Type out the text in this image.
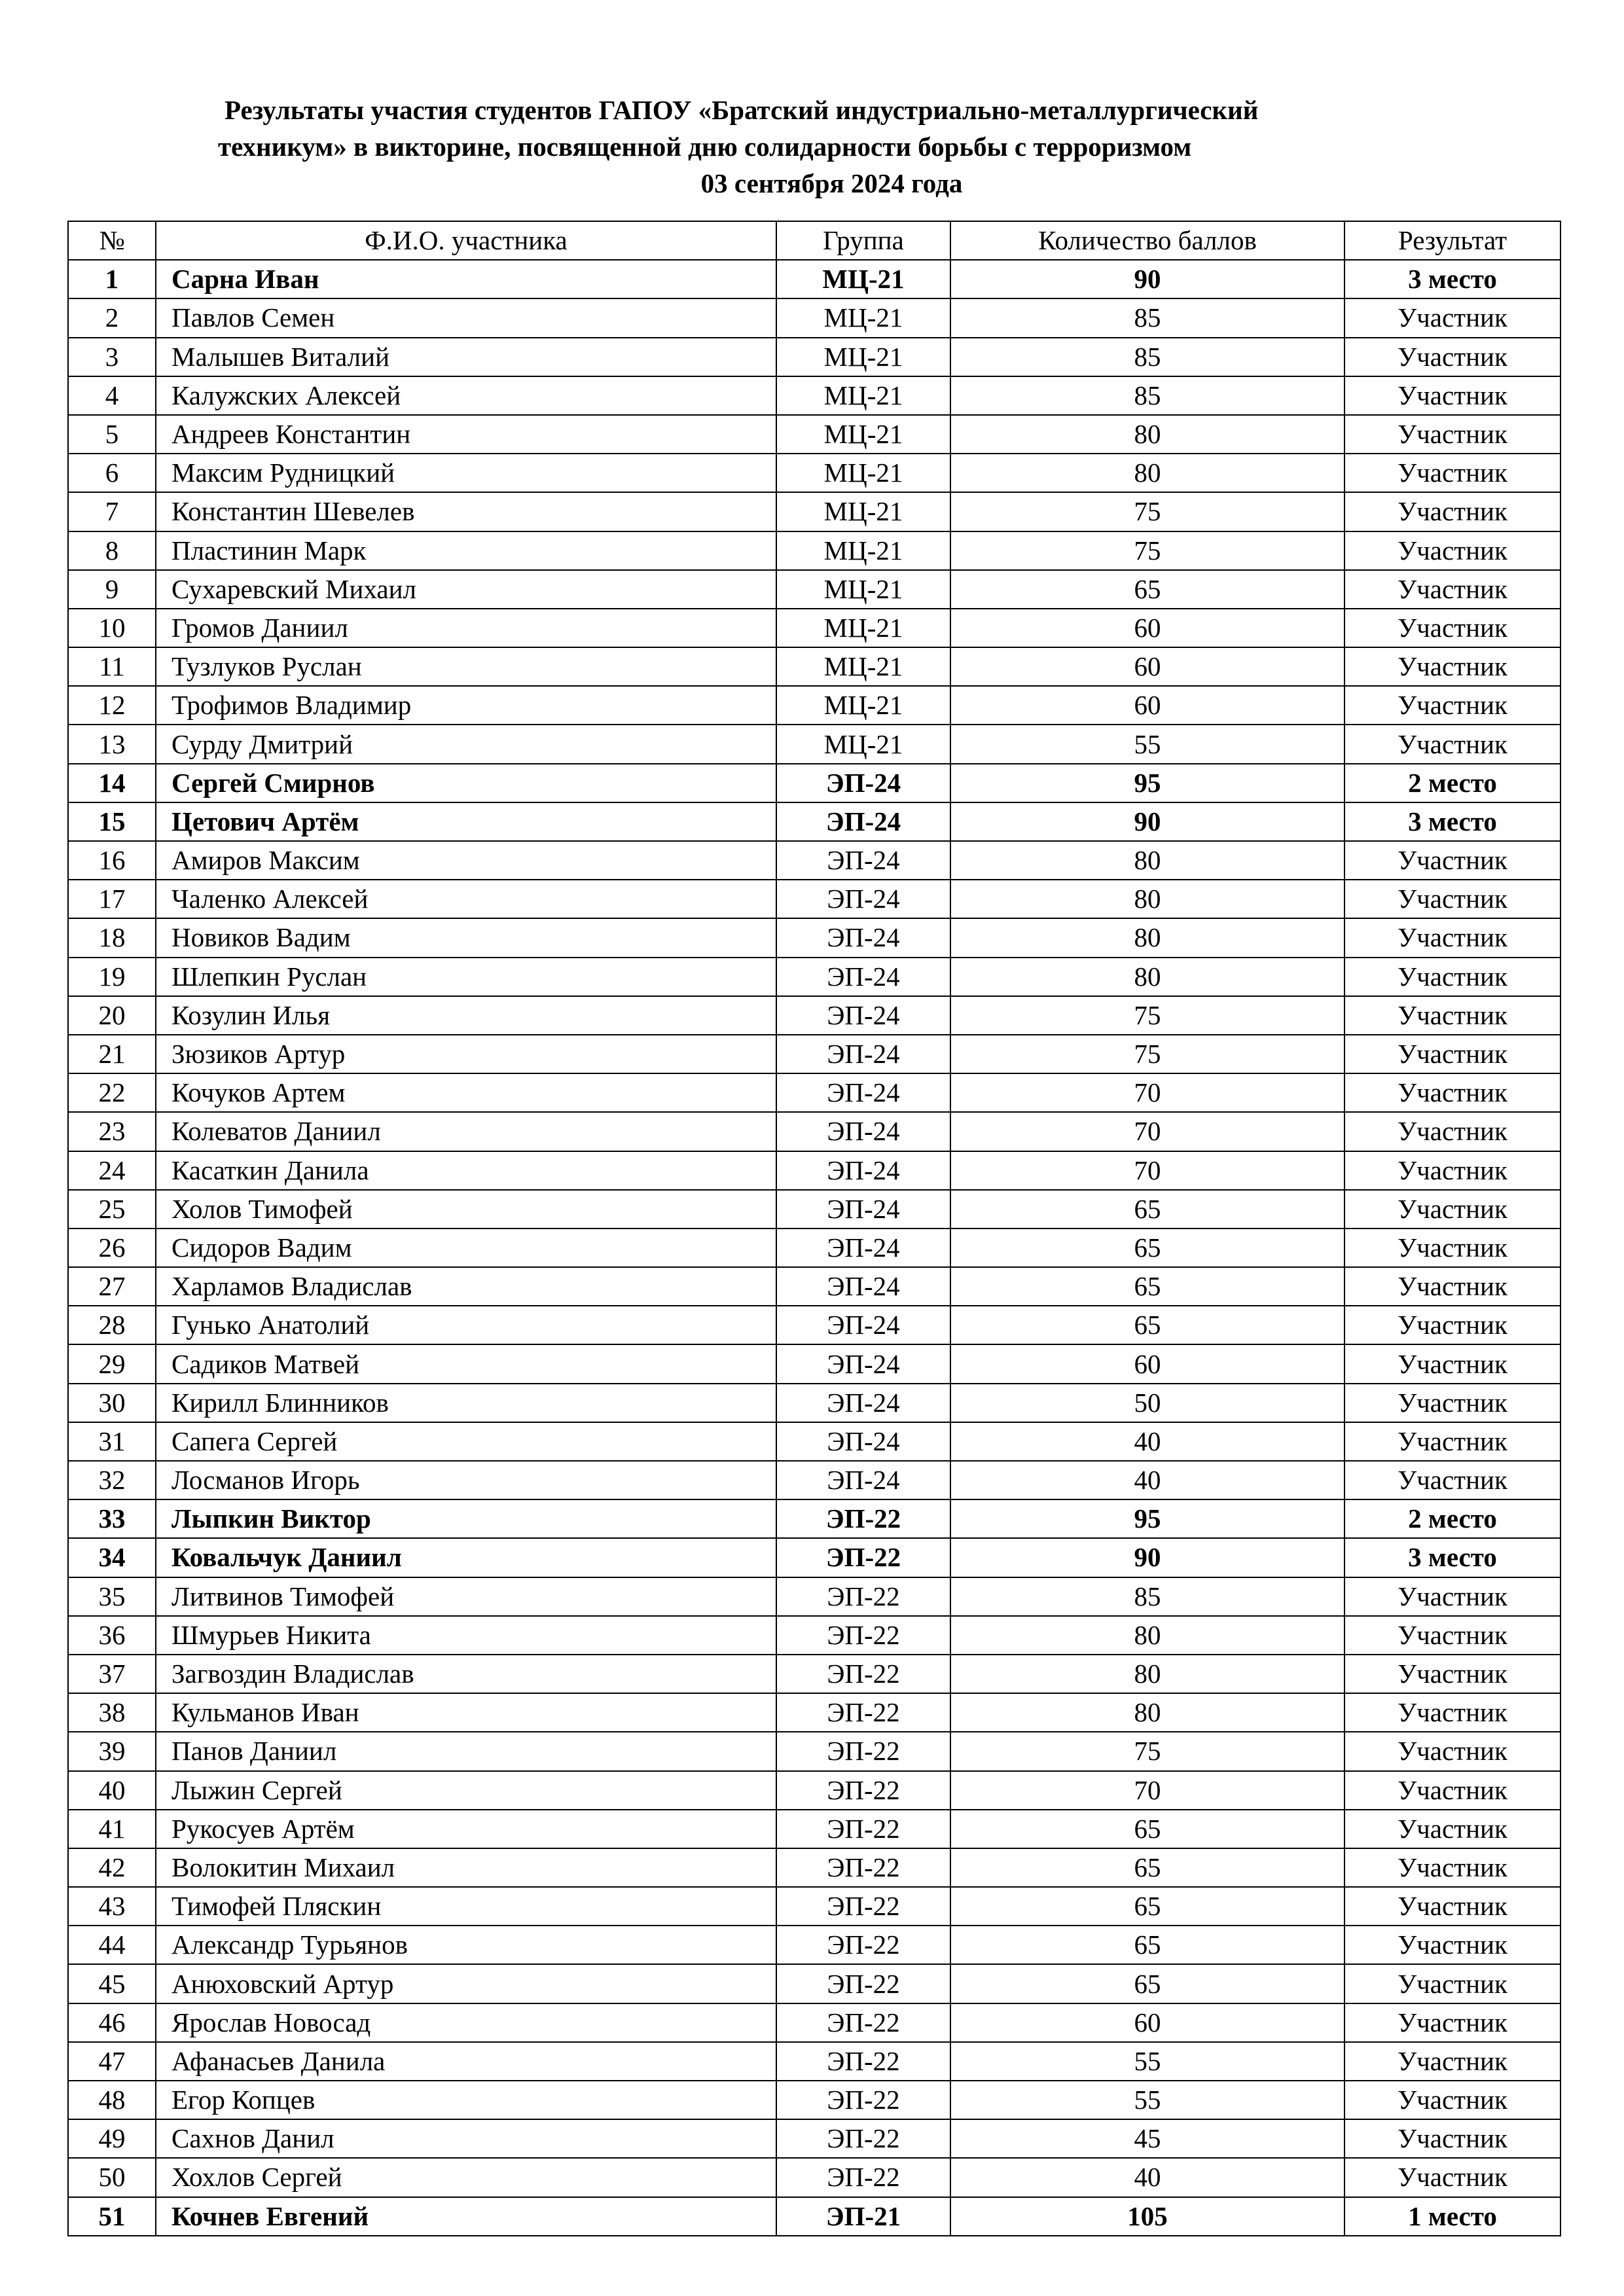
Результаты участия студентов ГАПОУ «Братский индустриально-металлургический
техникум» в викторине, посвященной дню солидарности борьбы с терроризмом
03 сентября 2024 года
№	Ф.И.О. участника	Группа	Количество баллов	Результат
1	Сарна Иван	МЦ-21	90	3 место
2	Павлов Семен	МЦ-21	85	Участник
3	Малышев Виталий	МЦ-21	85	Участник
4	Калужских Алексей	МЦ-21	85	Участник
5	Андреев Константин	МЦ-21	80	Участник
6	Максим Рудницкий	МЦ-21	80	Участник
7	Константин Шевелев	МЦ-21	75	Участник
8	Пластинин Марк	МЦ-21	75	Участник
9	Сухаревский Михаил	МЦ-21	65	Участник
10	Громов Даниил	МЦ-21	60	Участник
11	Тузлуков Руслан	МЦ-21	60	Участник
12	Трофимов Владимир	МЦ-21	60	Участник
13	Сурду Дмитрий	МЦ-21	55	Участник
14	Сергей Смирнов	ЭП-24	95	2 место
15	Цетович Артём	ЭП-24	90	3 место
16	Амиров Максим	ЭП-24	80	Участник
17	Чаленко Алексей	ЭП-24	80	Участник
18	Новиков Вадим	ЭП-24	80	Участник
19	Шлепкин Руслан	ЭП-24	80	Участник
20	Козулин Илья	ЭП-24	75	Участник
21	Зюзиков Артур	ЭП-24	75	Участник
22	Кочуков Артем	ЭП-24	70	Участник
23	Колеватов Даниил	ЭП-24	70	Участник
24	Касаткин Данила	ЭП-24	70	Участник
25	Холов Тимофей	ЭП-24	65	Участник
26	Сидоров Вадим	ЭП-24	65	Участник
27	Харламов Владислав	ЭП-24	65	Участник
28	Гунько Анатолий	ЭП-24	65	Участник
29	Садиков Матвей	ЭП-24	60	Участник
30	Кирилл Блинников	ЭП-24	50	Участник
31	Сапега Сергей	ЭП-24	40	Участник
32	Лосманов Игорь	ЭП-24	40	Участник
33	Лыпкин Виктор	ЭП-22	95	2 место
34	Ковальчук Даниил	ЭП-22	90	3 место
35	Литвинов Тимофей	ЭП-22	85	Участник
36	Шмурьев Никита	ЭП-22	80	Участник
37	Загвоздин Владислав	ЭП-22	80	Участник
38	Кульманов Иван	ЭП-22	80	Участник
39	Панов Даниил	ЭП-22	75	Участник
40	Лыжин Сергей	ЭП-22	70	Участник
41	Рукосуев Артём	ЭП-22	65	Участник
42	Волокитин Михаил	ЭП-22	65	Участник
43	Тимофей Пляскин	ЭП-22	65	Участник
44	Александр Турьянов	ЭП-22	65	Участник
45	Анюховский Артур	ЭП-22	65	Участник
46	Ярослав Новосад	ЭП-22	60	Участник
47	Афанасьев Данила	ЭП-22	55	Участник
48	Егор Копцев	ЭП-22	55	Участник
49	Сахнов Данил	ЭП-22	45	Участник
50	Хохлов Сергей	ЭП-22	40	Участник
51	Кочнев Евгений	ЭП-21	105	1 место
